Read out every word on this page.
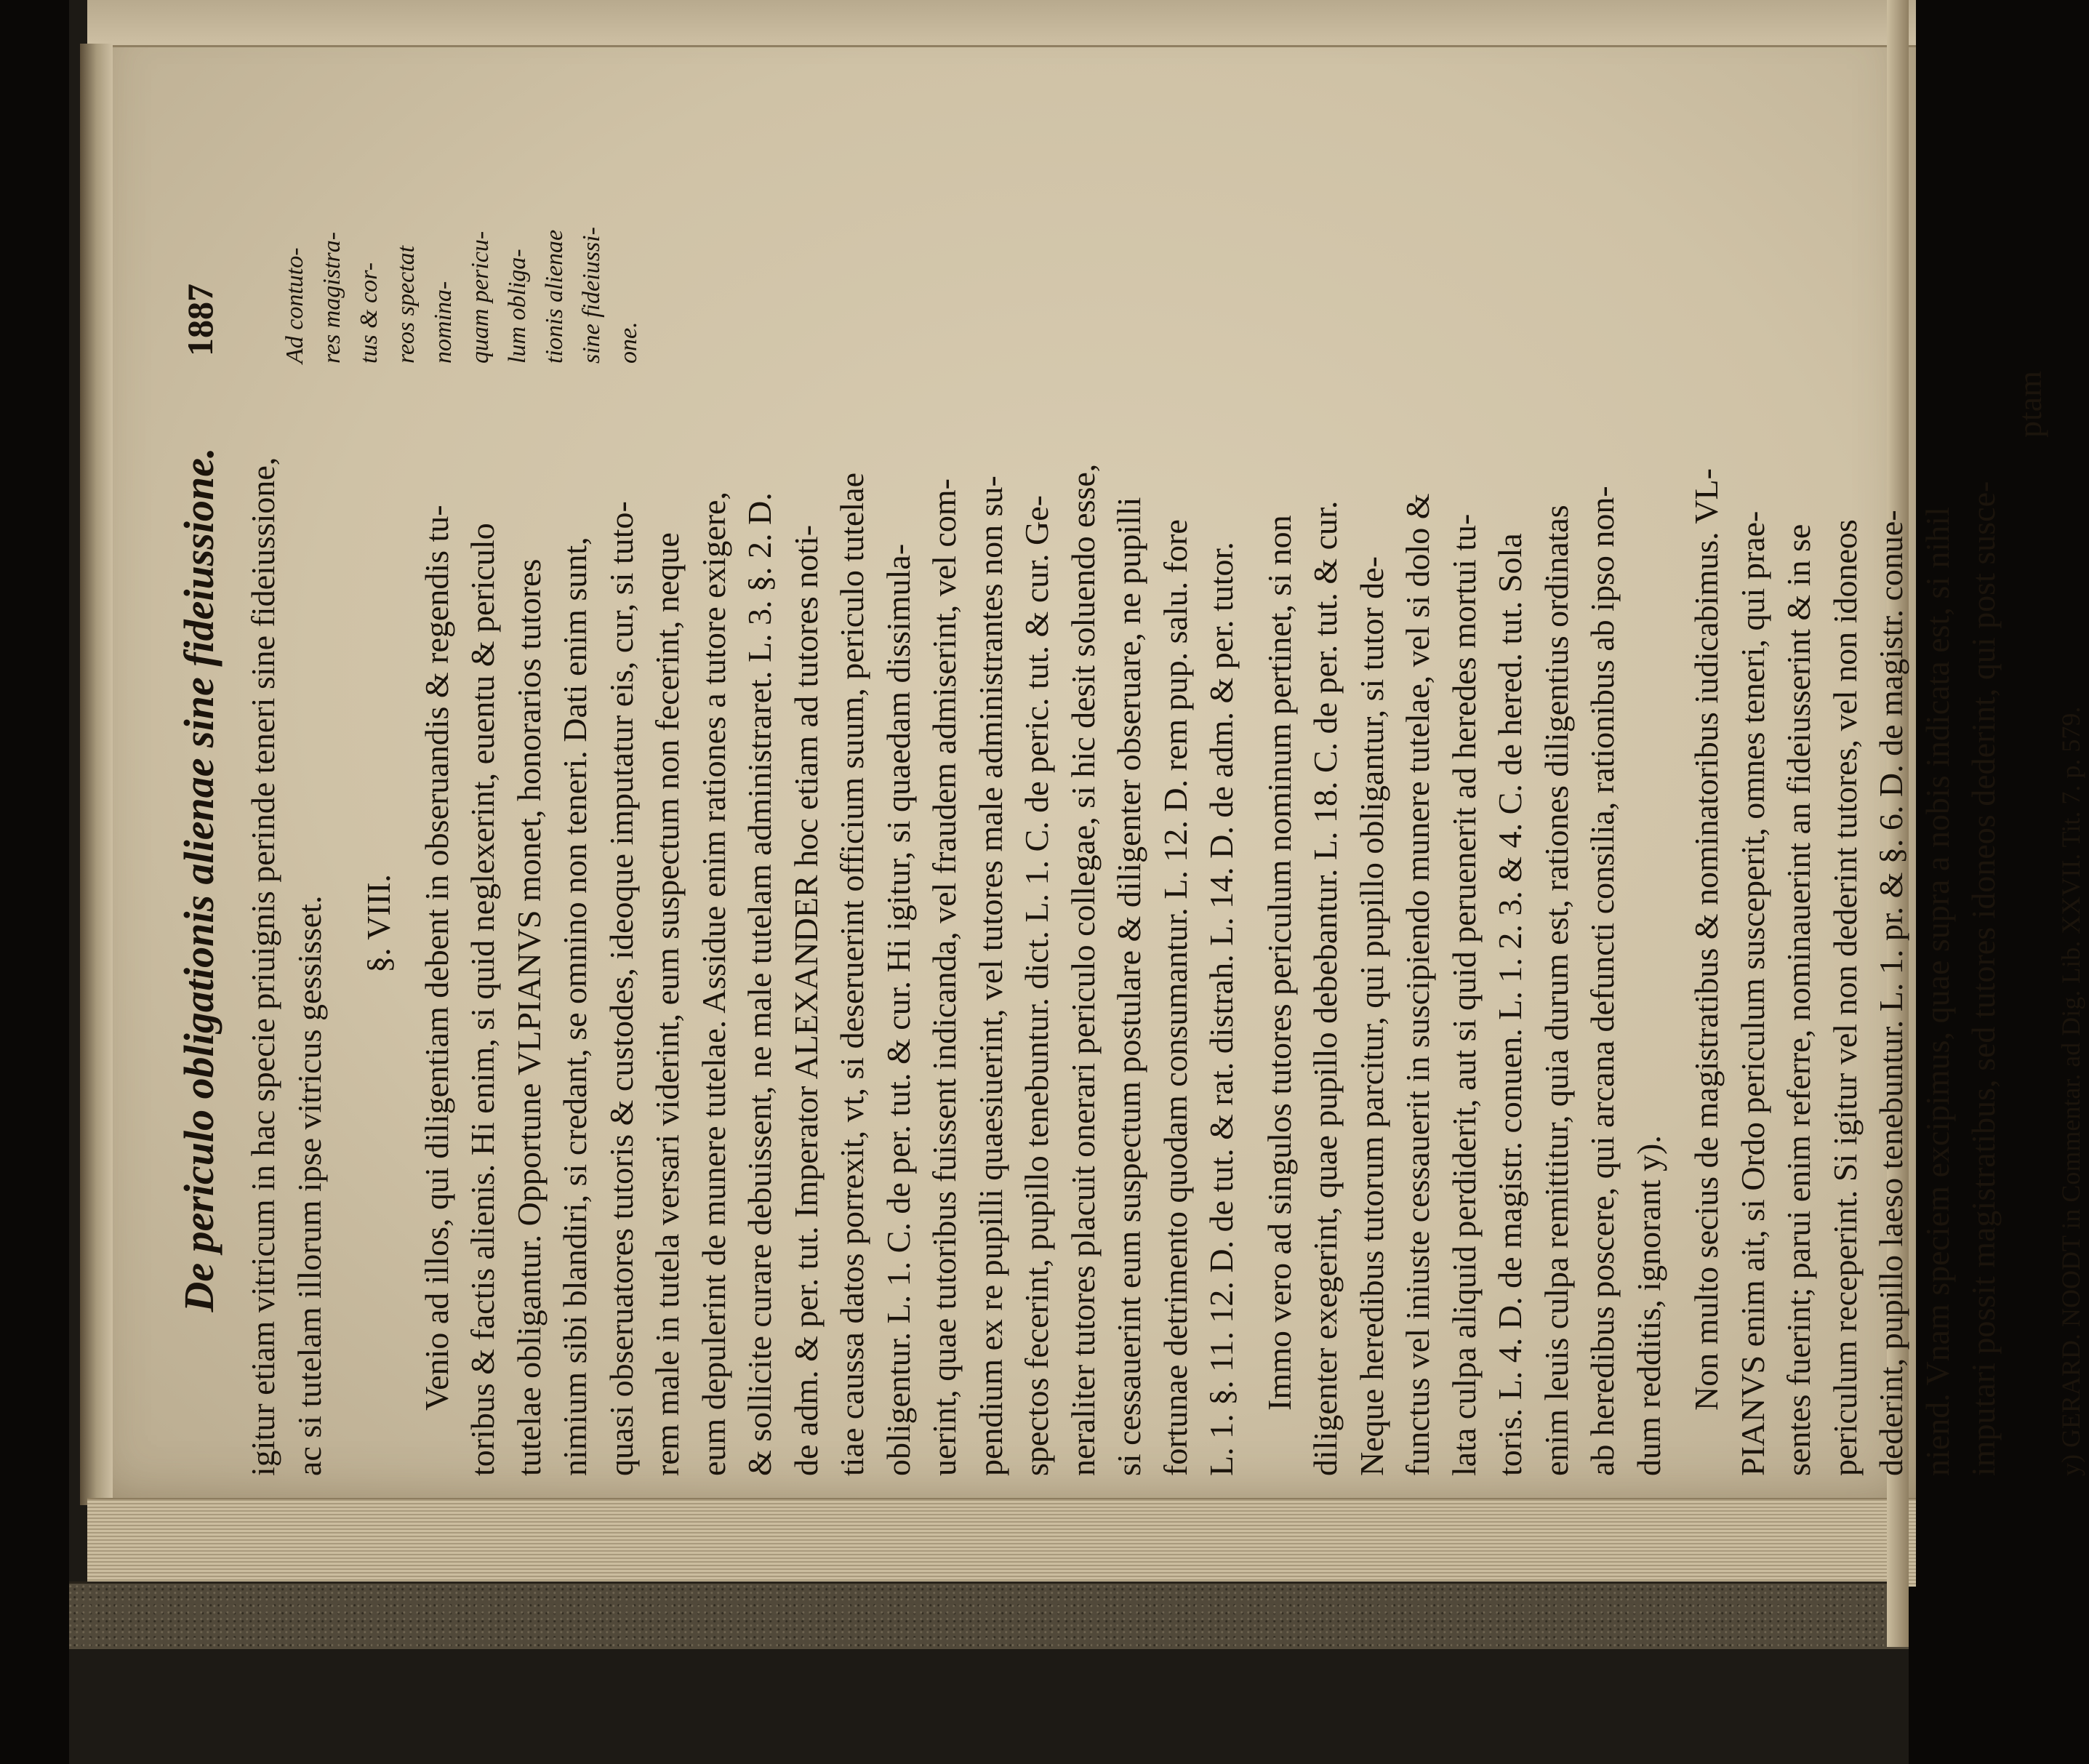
De periculo obligationis alienae sine fideiussione.
1887
igitur etiam vitricum in hac specie priuignis perinde teneri sine fideiussione, ac si tutelam illorum ipse vitricus gessisset. §. VIII. Venio ad illos, qui diligentiam debent in obseruandis & regendis tu- toribus & factis alienis. Hi enim, si quid neglexerint, euentu & periculo tutelae obligantur. Opportune VLPIANVS monet, honorarios tutores nimium sibi blandiri, si credant, se omnino non teneri. Dati enim sunt, quasi obseruatores tutoris & custodes, ideoque imputatur eis, cur, si tuto- rem male in tutela versari viderint, eum suspectum non fecerint, neque eum depulerint de munere tutelae. Assidue enim rationes a tutore exigere, & sollicite curare debuissent, ne male tutelam administraret. L. 3. §. 2. D. de adm. & per. tut. Imperator ALEXANDER hoc etiam ad tutores noti- tiae caussa datos porrexit, vt, si deseruerint officium suum, periculo tutelae obligentur. L. 1. C. de per. tut. & cur. Hi igitur, si quaedam dissimula- uerint, quae tutoribus fuissent indicanda, vel fraudem admiserint, vel com- pendium ex re pupilli quaesiuerint, vel tutores male administrantes non su- spectos fecerint, pupillo tenebuntur. dict. L. 1. C. de peric. tut. & cur. Ge- neraliter tutores placuit onerari periculo collegae, si hic desit soluendo esse, si cessauerint eum suspectum postulare & diligenter obseruare, ne pupilli fortunae detrimento quodam consumantur. L. 12. D. rem pup. salu. fore L. 1. §. 11. 12. D. de tut. & rat. distrah. L. 14. D. de adm. & per. tutor. Immo vero ad singulos tutores periculum nominum pertinet, si non diligenter exegerint, quae pupillo debebantur. L. 18. C. de per. tut. & cur. Neque heredibus tutorum parcitur, qui pupillo obligantur, si tutor de- functus vel iniuste cessauerit in suscipiendo munere tutelae, vel si dolo & lata culpa aliquid perdiderit, aut si quid peruenerit ad heredes mortui tu- toris. L. 4. D. de magistr. conuen. L. 1. 2. 3. & 4. C. de hered. tut. Sola enim leuis culpa remittitur, quia durum est, rationes diligentius ordinatas ab heredibus poscere, qui arcana defuncti consilia, rationibus ab ipso non- dum redditis, ignorant y). Non multo secius de magistratibus & nominatoribus iudicabimus. VL- PIANVS enim ait, si Ordo periculum susceperit, omnes teneri, qui prae- sentes fuerint; parui enim referre, nominauerint an fideiusserint & in se periculum receperint. Si igitur vel non dederint tutores, vel non idoneos dederint, pupillo laeso tenebuntur. L. 1. pr. & §. 6. D. de magistr. conue- niend. Vnam speciem excipimus, quae supra a nobis indicata est, si nihil imputari possit magistratibus, sed tutores idoneos dederint, qui post susce-
ptam
y) GERARD. NOODT in Commentar. ad Dig. Lib. XXVII. Tit. 7. p. 579.
Ad contuto- res magistra- tus & cor- reos spectat nomina- quam pericu- lum obliga- tionis alienae sine fideiussi- one.
